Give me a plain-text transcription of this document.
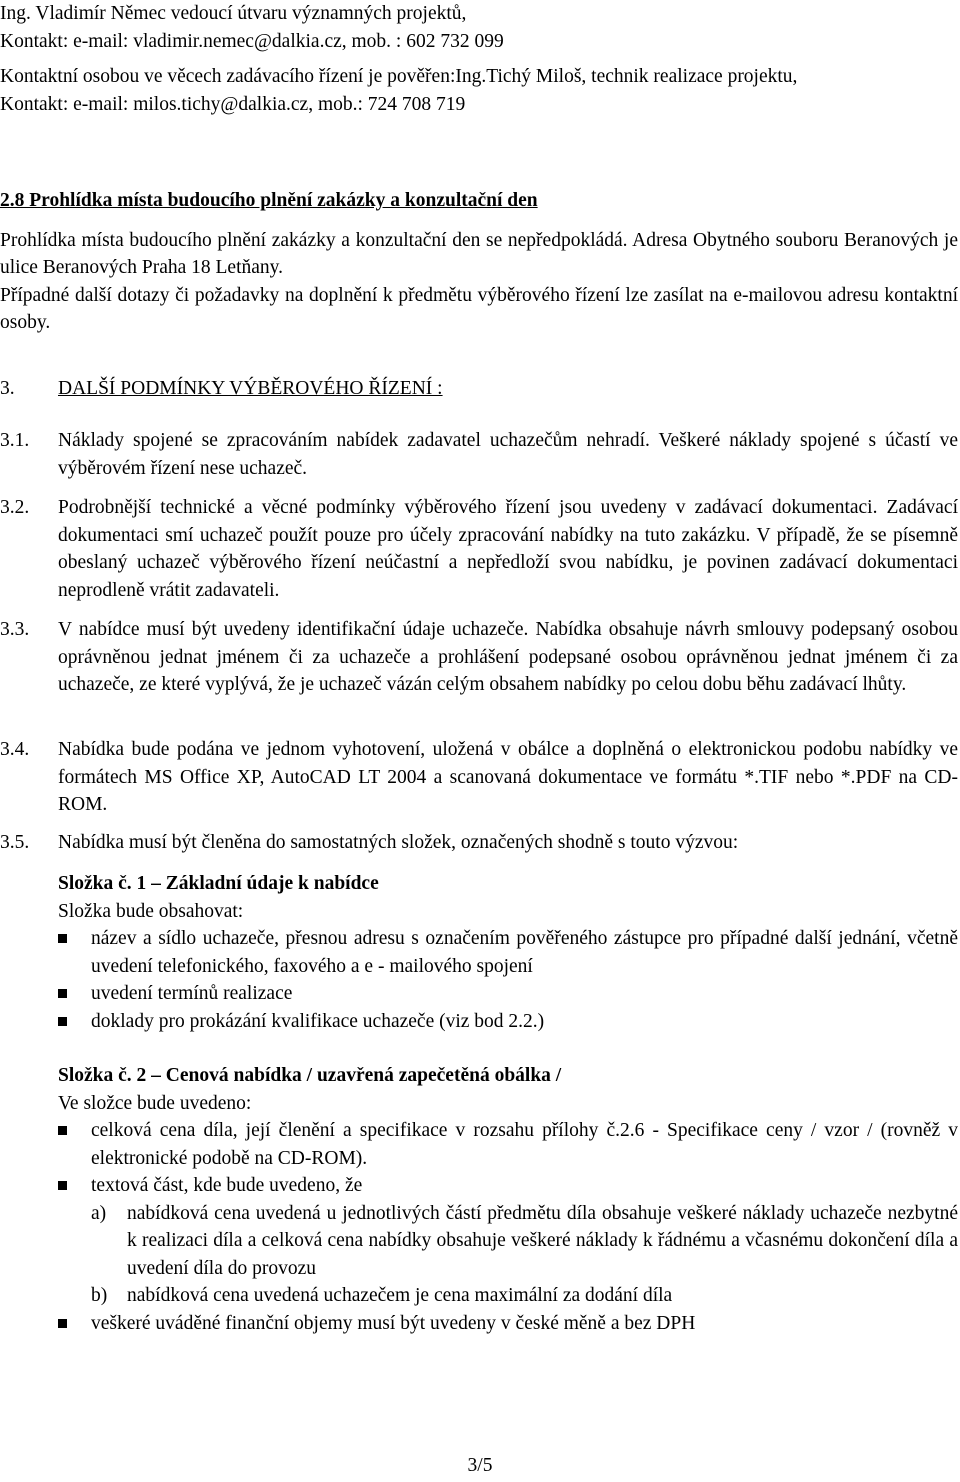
Ing. Vladimír Němec vedoucí útvaru významných projektů,

Kontakt: e-mail: vladimir.nemec@dalkia.cz, mob. : 602 732 099

Kontaktní osobou ve věcech zadávacího řízení je pověřen:Ing.Tichý Miloš, technik realizace projektu,

Kontakt: e-mail: milos.tichy@dalkia.cz, mob.: 724 708 719

2.8 Prohlídka místa budoucího plnění zakázky a konzultační den

Prohlídka místa budoucího plnění zakázky a konzultační den se nepředpokládá. Adresa Obytného souboru Beranových je ulice Beranových Praha 18 Letňany.

Případné další dotazy či požadavky na doplnění k předmětu výběrového řízení lze zasílat na e-mailovou adresu kontaktní osoby.

3. DALŠÍ PODMÍNKY VÝBĚROVÉHO ŘÍZENÍ :
3.1. Náklady spojené se zpracováním nabídek zadavatel uchazečům nehradí. Veškeré náklady spojené s účastí ve výběrovém řízení nese uchazeč.
3.2. Podrobnější technické a věcné podmínky výběrového řízení jsou uvedeny v zadávací dokumentaci. Zadávací dokumentaci smí uchazeč použít pouze pro účely zpracování nabídky na tuto zakázku. V případě, že se písemně obeslaný uchazeč výběrového řízení neúčastní a nepředloží svou nabídku, je povinen zadávací dokumentaci neprodleně vrátit zadavateli.
3.3. V nabídce musí být uvedeny identifikační údaje uchazeče. Nabídka obsahuje návrh smlouvy podepsaný osobou oprávněnou jednat jménem či za uchazeče a prohlášení podepsané osobou oprávněnou jednat jménem či za uchazeče, ze které vyplývá, že je uchazeč vázán celým obsahem nabídky po celou dobu běhu zadávací lhůty.
3.4. Nabídka bude podána ve jednom vyhotovení, uložená v obálce a doplněná o elektronickou podobu nabídky ve formátech MS Office XP, AutoCAD LT 2004 a scanovaná dokumentace ve formátu *.TIF nebo *.PDF na CD-ROM.
3.5. Nabídka musí být členěna do samostatných složek, označených shodně s touto výzvou:

Složka č. 1 – Základní údaje k nabídce

Složka bude obsahovat:

název a sídlo uchazeče, přesnou adresu s označením pověřeného zástupce pro případné další jednání, včetně uvedení telefonického, faxového a e - mailového spojení
uvedení termínů realizace
doklady pro prokázání kvalifikace uchazeče (viz bod 2.2.)

Složka č. 2 – Cenová nabídka / uzavřená zapečetěná obálka /

Ve složce bude uvedeno:

celková cena díla, její členění a specifikace v rozsahu přílohy č.2.6 - Specifikace ceny / vzor / (rovněž v elektronické podobě na CD-ROM).
textová část, kde bude uvedeno, že
a) nabídková cena uvedená u jednotlivých částí předmětu díla obsahuje veškeré náklady uchazeče nezbytné k realizaci díla a celková cena nabídky obsahuje veškeré náklady k řádnému a včasnému dokončení díla a uvedení díla do provozu
b) nabídková cena uvedená uchazečem je cena maximální za dodání díla
veškeré uváděné finanční objemy musí být uvedeny v české měně a bez DPH
3/5
